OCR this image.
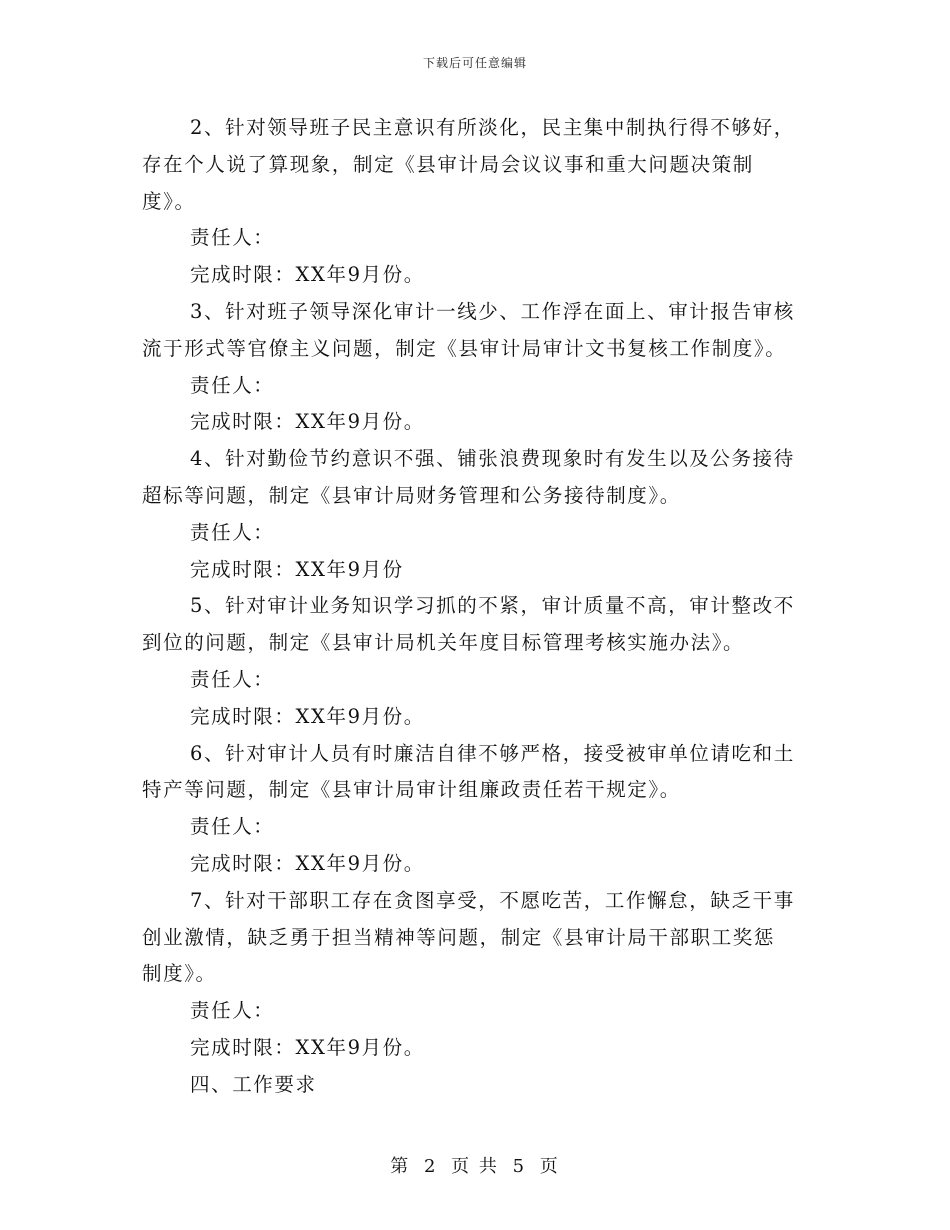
下载后可任意编辑
2、针对领导班子民主意识有所淡化，民主集中制执行得不够好，
存在个人说了算现象，制定《县审计局会议议事和重大问题决策制
度》。
责任人：
完成时限：XX年9月份。
3、针对班子领导深化审计一线少、工作浮在面上、审计报告审核
流于形式等官僚主义问题，制定《县审计局审计文书复核工作制度》。
责任人：
完成时限：XX年9月份。
4、针对勤俭节约意识不强、铺张浪费现象时有发生以及公务接待
超标等问题，制定《县审计局财务管理和公务接待制度》。
责任人：
完成时限：XX年9月份
5、针对审计业务知识学习抓的不紧，审计质量不高，审计整改不
到位的问题，制定《县审计局机关年度目标管理考核实施办法》。
责任人：
完成时限：XX年9月份。
6、针对审计人员有时廉洁自律不够严格，接受被审单位请吃和土
特产等问题，制定《县审计局审计组廉政责任若干规定》。
责任人：
完成时限：XX年9月份。
7、针对干部职工存在贪图享受，不愿吃苦，工作懈怠，缺乏干事
创业激情，缺乏勇于担当精神等问题，制定《县审计局干部职工奖惩
制度》。
责任人：
完成时限：XX年9月份。
四、工作要求
第 2 页 共 5 页
